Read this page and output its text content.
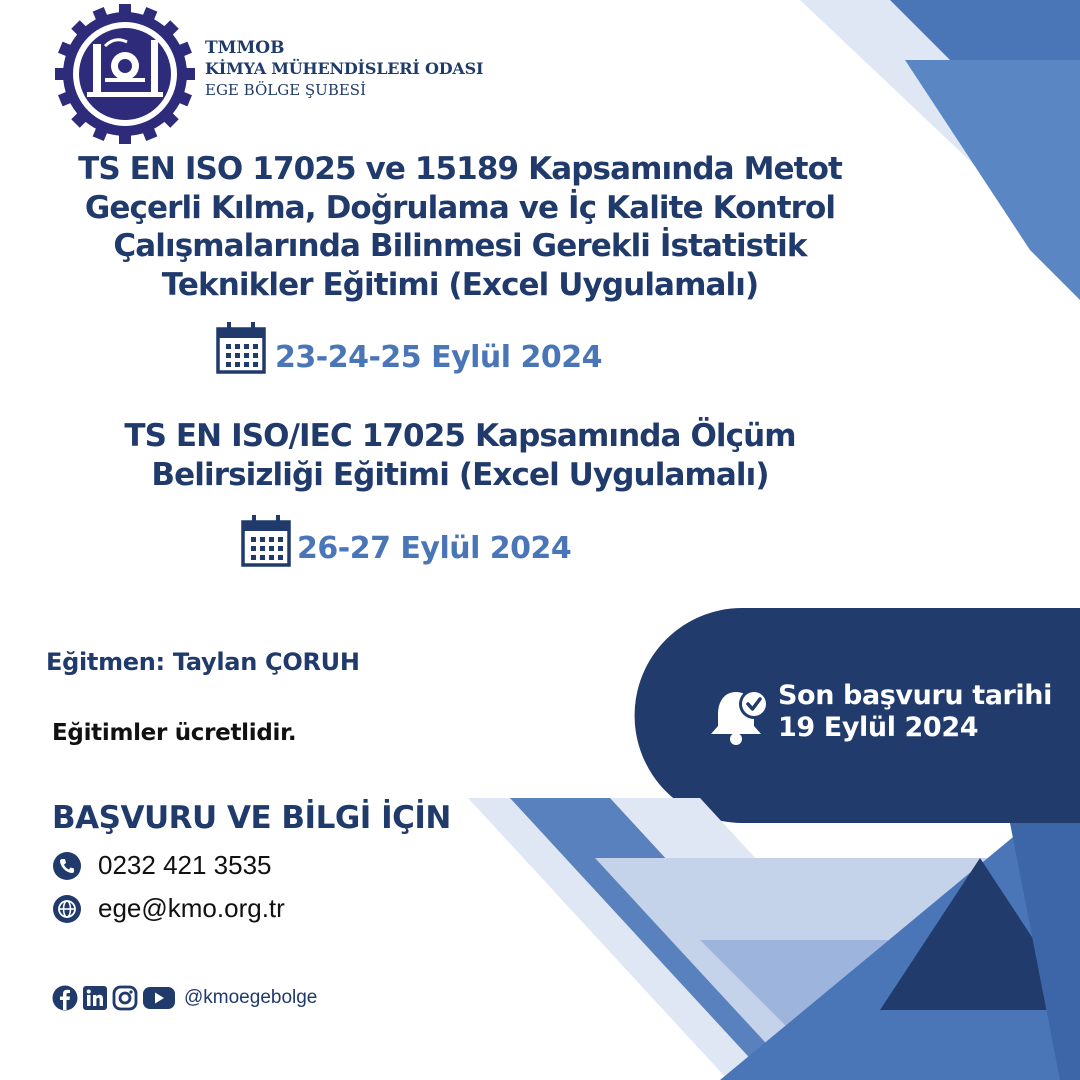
TMMOB
KİMYA MÜHENDİSLERİ ODASI
EGE BÖLGE ŞUBESİ
TS EN ISO 17025 ve 15189 Kapsamında Metot
Geçerli Kılma, Doğrulama ve İç Kalite Kontrol
Çalışmalarında Bilinmesi Gerekli İstatistik
Teknikler Eğitimi (Excel Uygulamalı)
23-24-25 Eylül 2024
TS EN ISO/IEC 17025 Kapsamında Ölçüm
Belirsizliği Eğitimi (Excel Uygulamalı)
26-27 Eylül 2024
Eğitmen: Taylan ÇORUH
Eğitimler ücretlidir.
Son başvuru tarihi
19 Eylül 2024
BAŞVURU VE BİLGİ İÇİN
0232 421 3535
ege@kmo.org.tr
@kmoegebolge
